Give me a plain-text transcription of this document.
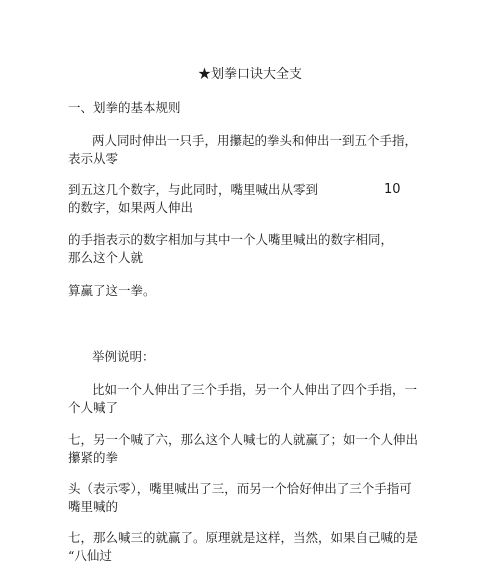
★划拳口诀大全支
一、划拳的基本规则
两人同时伸出一只手，用攥起的拳头和伸出一到五个手指，
表示从零
到五这几个数字，与此同时，嘴里喊出从零到	10
的数字，如果两人伸出
的手指表示的数字相加与其中一个人嘴里喊出的数字相同，
那么这个人就
算赢了这一拳。
举例说明：
比如一个人伸出了三个手指，另一个人伸出了四个手指，一
个人喊了
七，另一个喊了六，那么这个人喊七的人就赢了；如一个人伸出
攥紧的拳
头（表示零），嘴里喊出了三，而另一个恰好伸出了三个手指可
嘴里喊的
七，那么喊三的就赢了。原理就是这样，当然，如果自己喊的是
“八仙过
